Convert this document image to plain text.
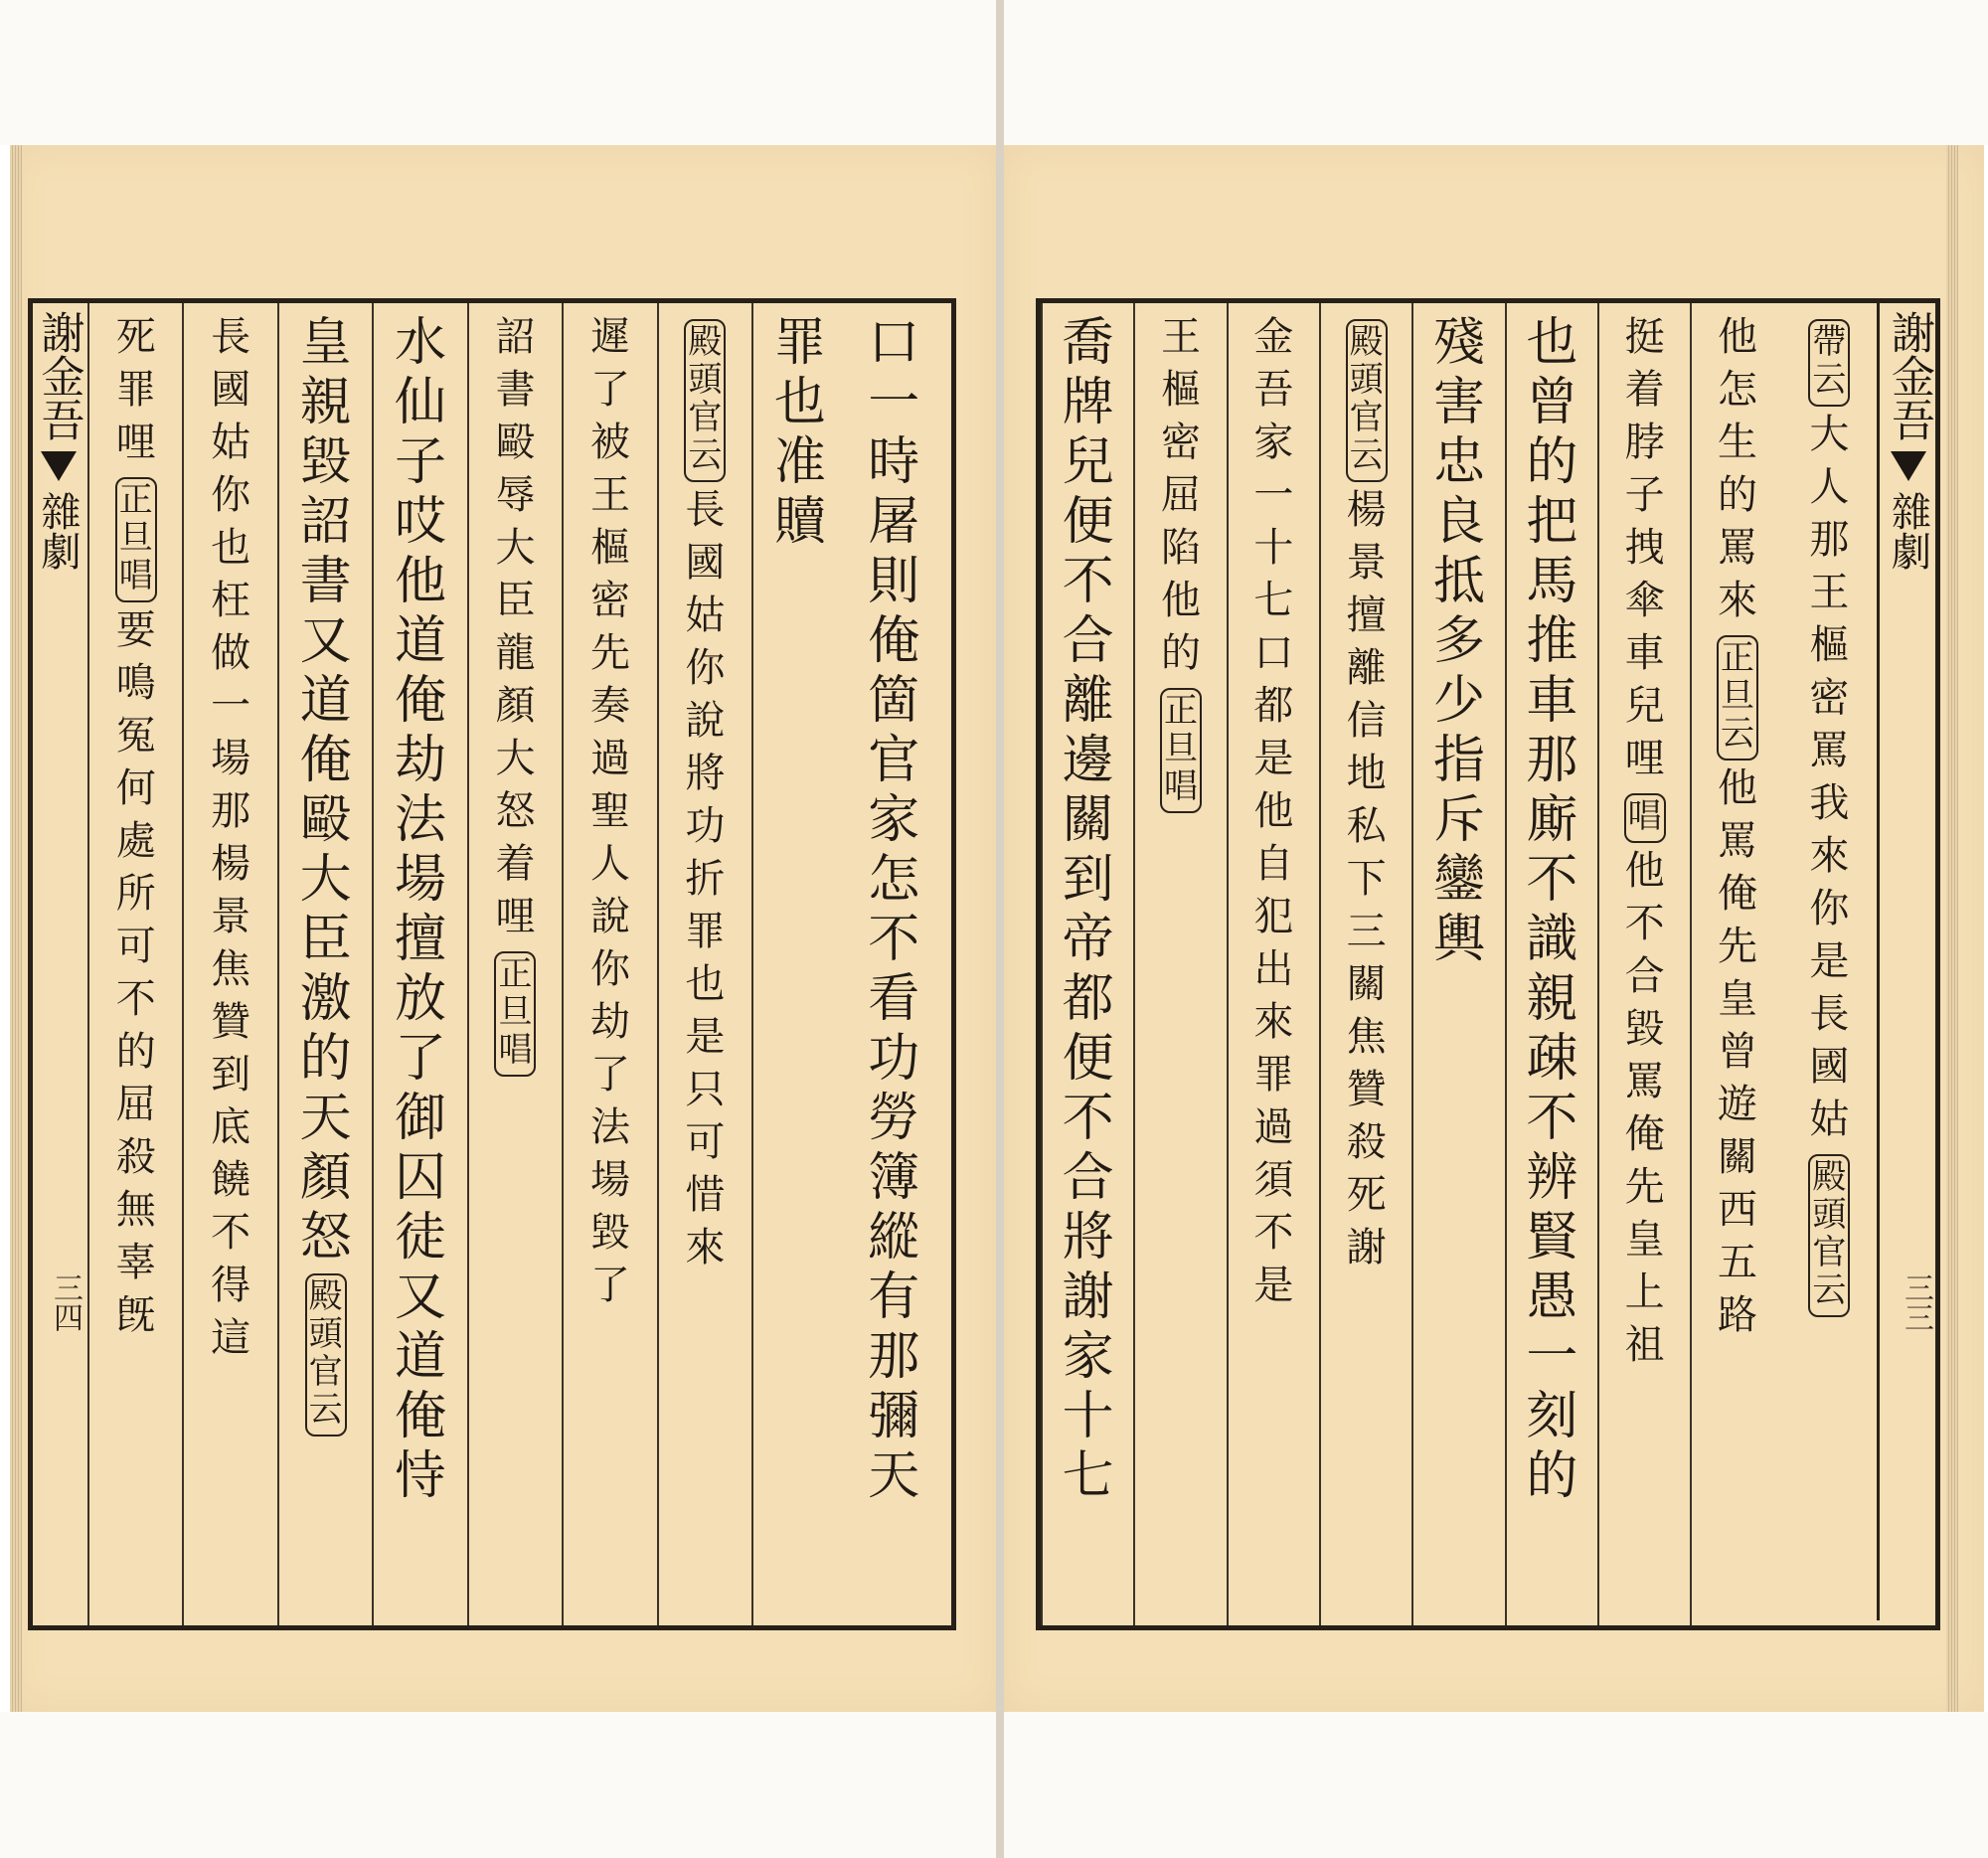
口
一
時
屠
則
俺
箇
官
家
怎
不
看
功
勞
簿
縱
有
那
彌
天
罪
也
准
贖
殿
頭
官
云
長
國
姑
你
說
將
功
折
罪
也
是
只
可
惜
來
遲
了
被
王
樞
密
先
奏
過
聖
人
說
你
劫
了
法
場
毀
了
詔
書
毆
辱
大
臣
龍
顏
大
怒
着
哩
正
旦
唱
水
仙
子
哎
他
道
俺
劫
法
場
擅
放
了
御
囚
徒
又
道
俺
恃
皇
親
毀
詔
書
又
道
俺
毆
大
臣
激
的
天
顏
怒
殿
頭
官
云
長
國
姑
你
也
枉
做
一
場
那
楊
景
焦
贊
到
底
饒
不
得
這
死
罪
哩
正
旦
唱
要
鳴
冤
何
處
所
可
不
的
屈
殺
無
辜
旣
帶
云
大
人
那
王
樞
密
罵
我
來
你
是
長
國
姑
殿
頭
官
云
他
怎
生
的
罵
來
正
旦
云
他
罵
俺
先
皇
曾
遊
關
西
五
路
挺
着
脖
子
拽
傘
車
兒
哩
唱
他
不
合
毀
罵
俺
先
皇
上
祖
也
曾
的
把
馬
推
車
那
廝
不
識
親
疎
不
辨
賢
愚
一
刻
的
殘
害
忠
良
抵
多
少
指
斥
鑾
輿
殿
頭
官
云
楊
景
擅
離
信
地
私
下
三
關
焦
贊
殺
死
謝
金
吾
家
一
十
七
口
都
是
他
自
犯
出
來
罪
過
須
不
是
王
樞
密
屈
陷
他
的
正
旦
唱
喬
牌
兒
便
不
合
離
邊
關
到
帝
都
便
不
合
將
謝
家
十
七
謝金吾
雜劇
三四
謝金吾
雜劇
三三
